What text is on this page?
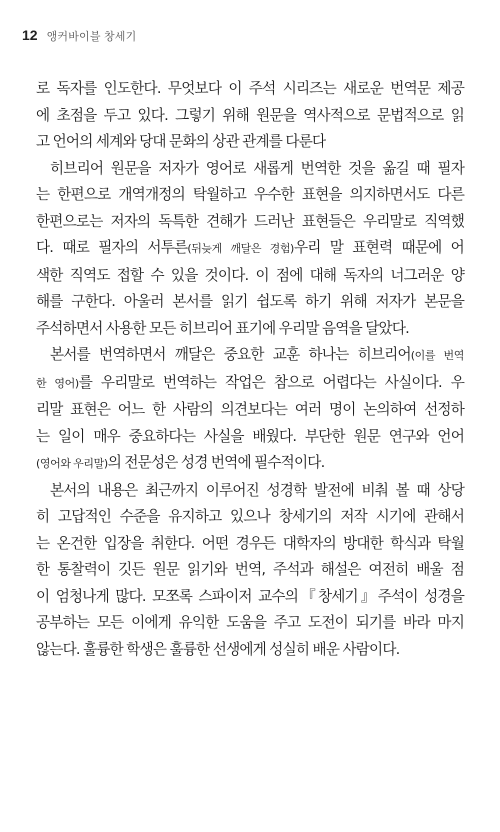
12 앵커바이블 창세기
로 독자를 인도한다. 무엇보다 이 주석 시리즈는 새로운 번역문 제공
에 초점을 두고 있다. 그렇기 위해 원문을 역사적으로 문법적으로 읽
고 언어의 세계와 당대 문화의 상관 관계를 다룬다
히브리어 원문을 저자가 영어로 새롭게 번역한 것을 옮길 때 필자
는 한편으로 개역개정의 탁월하고 우수한 표현을 의지하면서도 다른
한편으로는 저자의 독특한 견해가 드러난 표현들은 우리말로 직역했
다. 때로 필자의 서투른(뒤늦게 깨달은 경험)우리 말 표현력 때문에 어
색한 직역도 접할 수 있을 것이다. 이 점에 대해 독자의 너그러운 양
해를 구한다. 아울러 본서를 읽기 쉽도록 하기 위해 저자가 본문을
주석하면서 사용한 모든 히브리어 표기에 우리말 음역을 달았다.
본서를 번역하면서 깨달은 중요한 교훈 하나는 히브리어(이를 번역
한 영어)를 우리말로 번역하는 작업은 참으로 어렵다는 사실이다. 우
리말 표현은 어느 한 사람의 의견보다는 여러 명이 논의하여 선정하
는 일이 매우 중요하다는 사실을 배웠다. 부단한 원문 연구와 언어
(영어와 우리말)의 전문성은 성경 번역에 필수적이다.
본서의 내용은 최근까지 이루어진 성경학 발전에 비춰 볼 때 상당
히 고답적인 수준을 유지하고 있으나 창세기의 저작 시기에 관해서
는 온건한 입장을 취한다. 어떤 경우든 대학자의 방대한 학식과 탁월
한 통찰력이 깃든 원문 읽기와 번역, 주석과 해설은 여전히 배울 점
이 엄청나게 많다. 모쪼록 스파이저 교수의『창세기』주석이 성경을
공부하는 모든 이에게 유익한 도움을 주고 도전이 되기를 바라 마지
않는다. 훌륭한 학생은 훌륭한 선생에게 성실히 배운 사람이다.
